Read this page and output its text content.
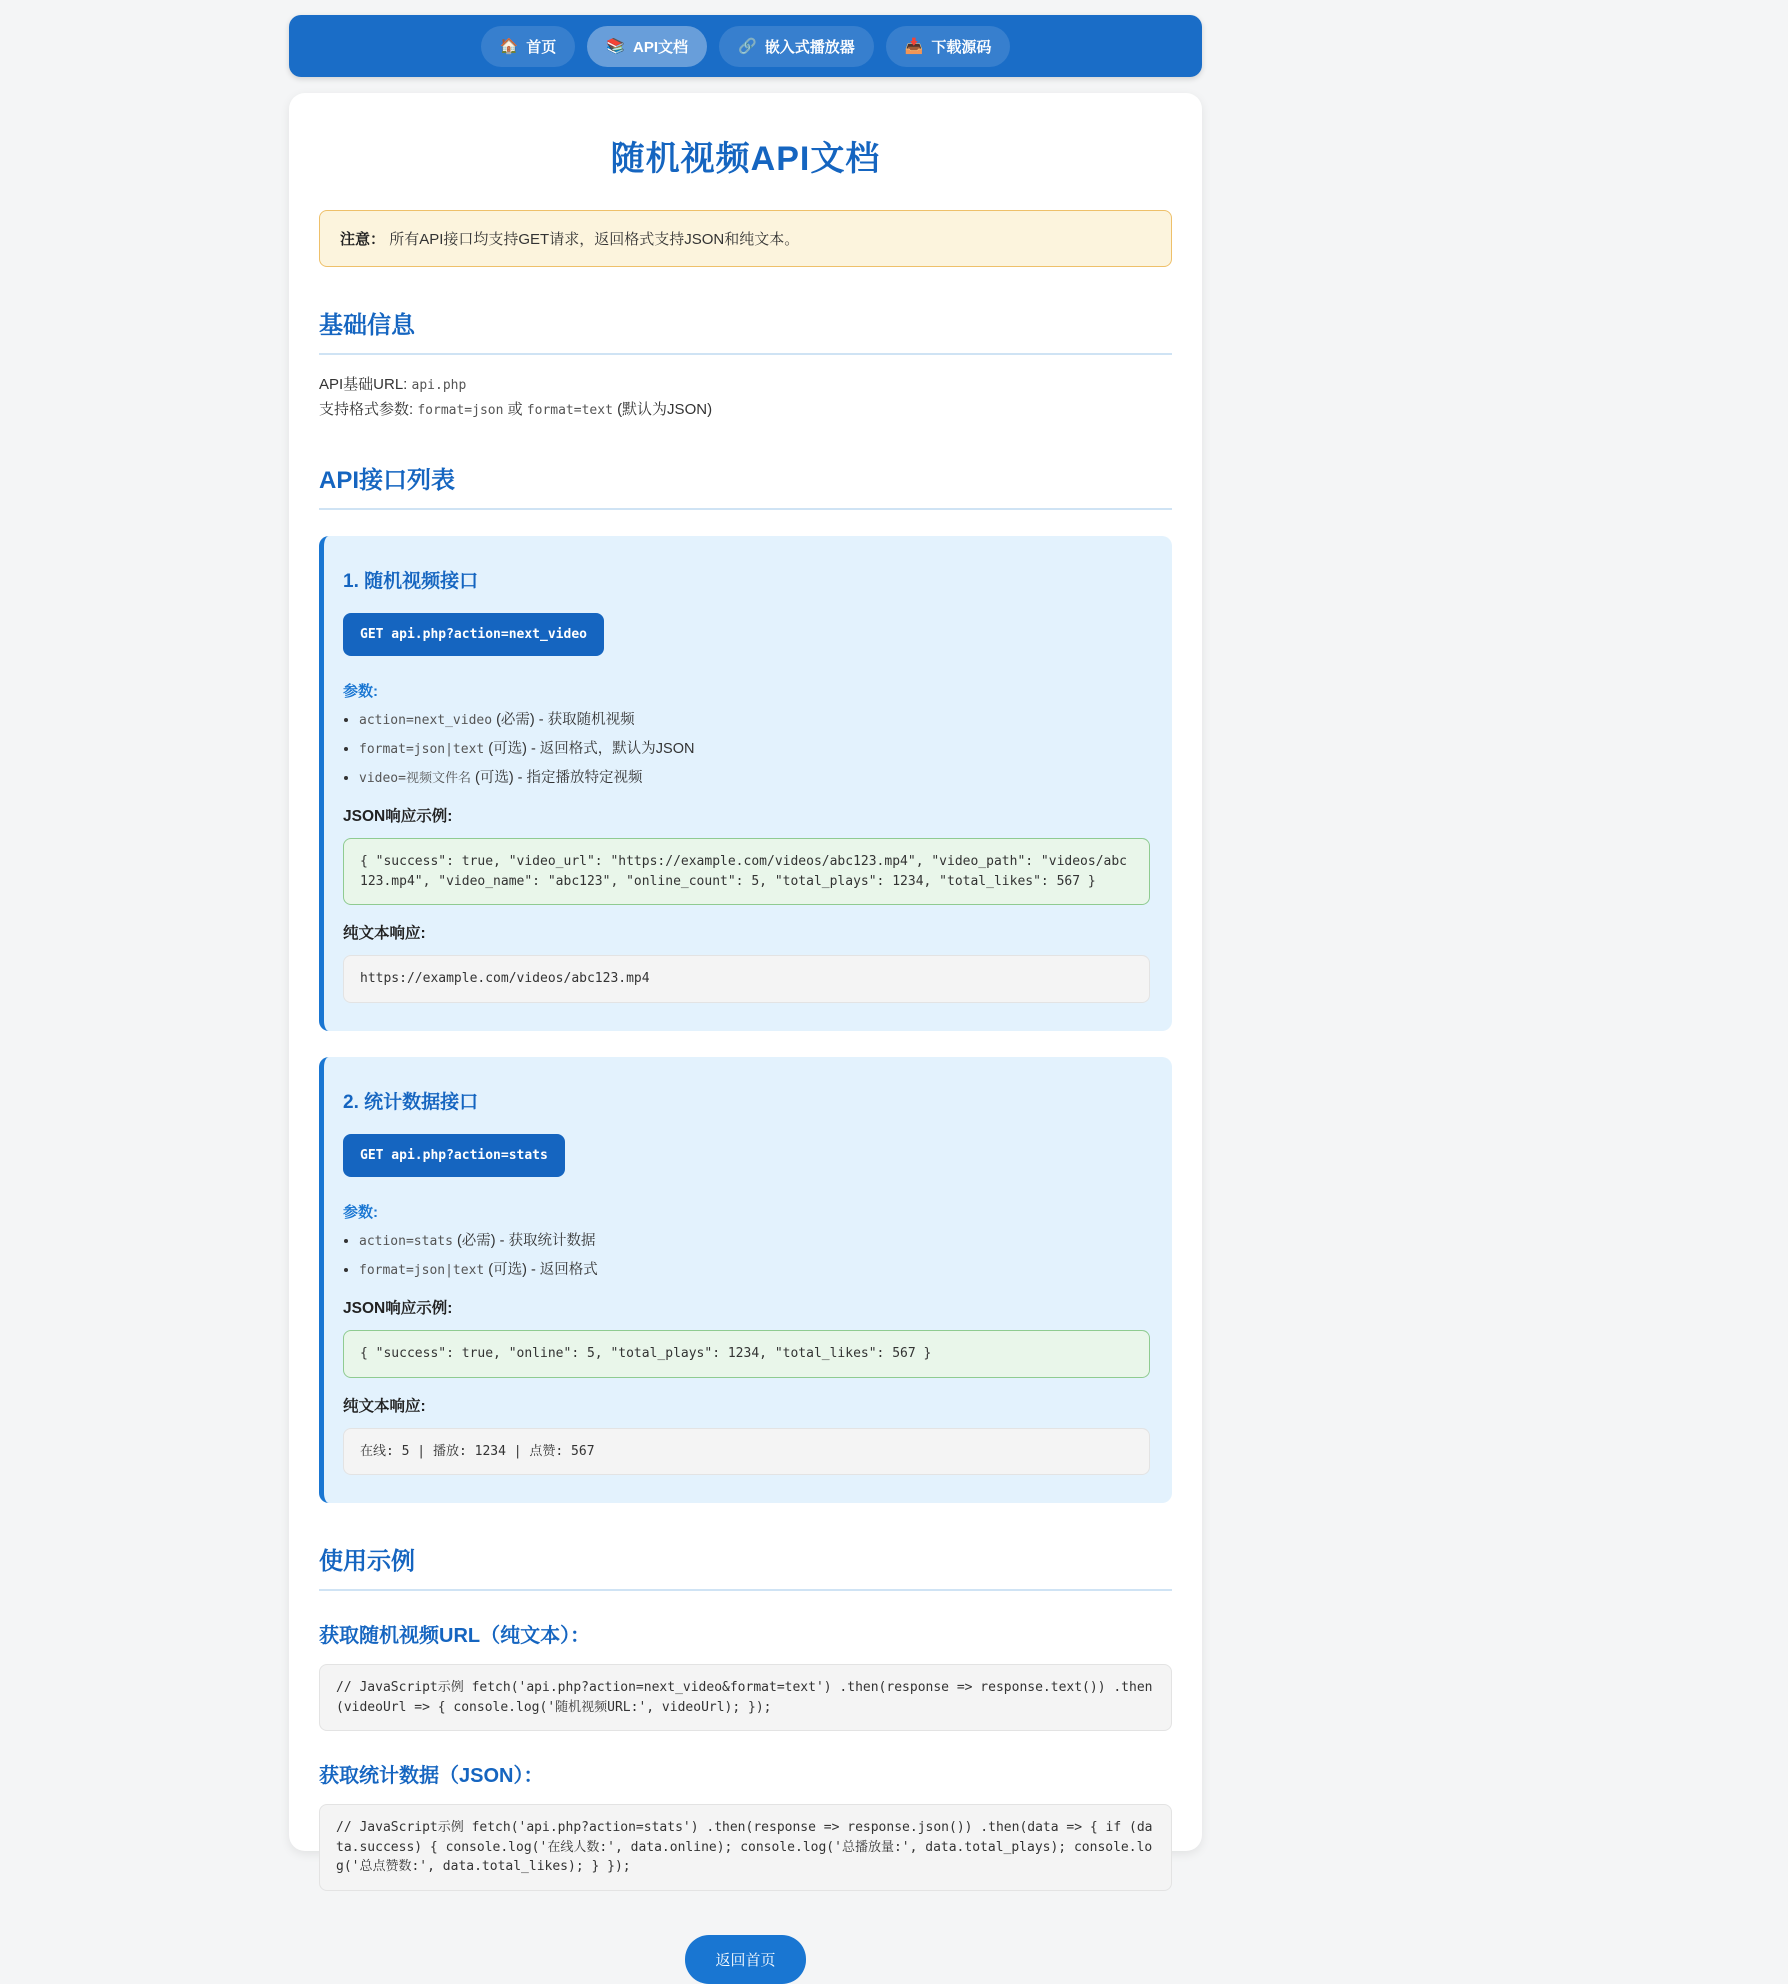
🏠 首页	📚 API文档	🔗 嵌入式播放器	📥 下载源码
随机视频API文档
注意： 所有API接口均支持GET请求，返回格式支持JSON和纯文本。
基础信息

API基础URL: api.php

支持格式参数: format=json 或 format=text (默认为JSON)

API接口列表
1. 随机视频接口
GET api.php?action=next_video
参数:
• action=next_video (必需) - 获取随机视频
• format=json|text (可选) - 返回格式，默认为JSON
• video=视频文件名 (可选) - 指定播放特定视频
JSON响应示例:
{ "success": true, "video_url": "https://example.com/videos/abc123.mp4", "video_path": "videos/abc123.mp4", "video_name": "abc123", "online_count": 5, "total_plays": 1234, "total_likes": 567 }
纯文本响应:
https://example.com/videos/abc123.mp4
2. 统计数据接口
GET api.php?action=stats
参数:
• action=stats (必需) - 获取统计数据
• format=json|text (可选) - 返回格式
JSON响应示例:
{ "success": true, "online": 5, "total_plays": 1234, "total_likes": 567 }
纯文本响应:
在线: 5 | 播放: 1234 | 点赞: 567
使用示例
获取随机视频URL（纯文本）：
// JavaScript示例 fetch('api.php?action=next_video&format=text') .then(response => response.text()) .then(videoUrl => { console.log('随机视频URL:', videoUrl); });
获取统计数据（JSON）：
// JavaScript示例 fetch('api.php?action=stats') .then(response => response.json()) .then(data => { if (data.success) { console.log('在线人数:', data.online); console.log('总播放量:', data.total_plays); console.log('总点赞数:', data.total_likes); } });
返回首页
